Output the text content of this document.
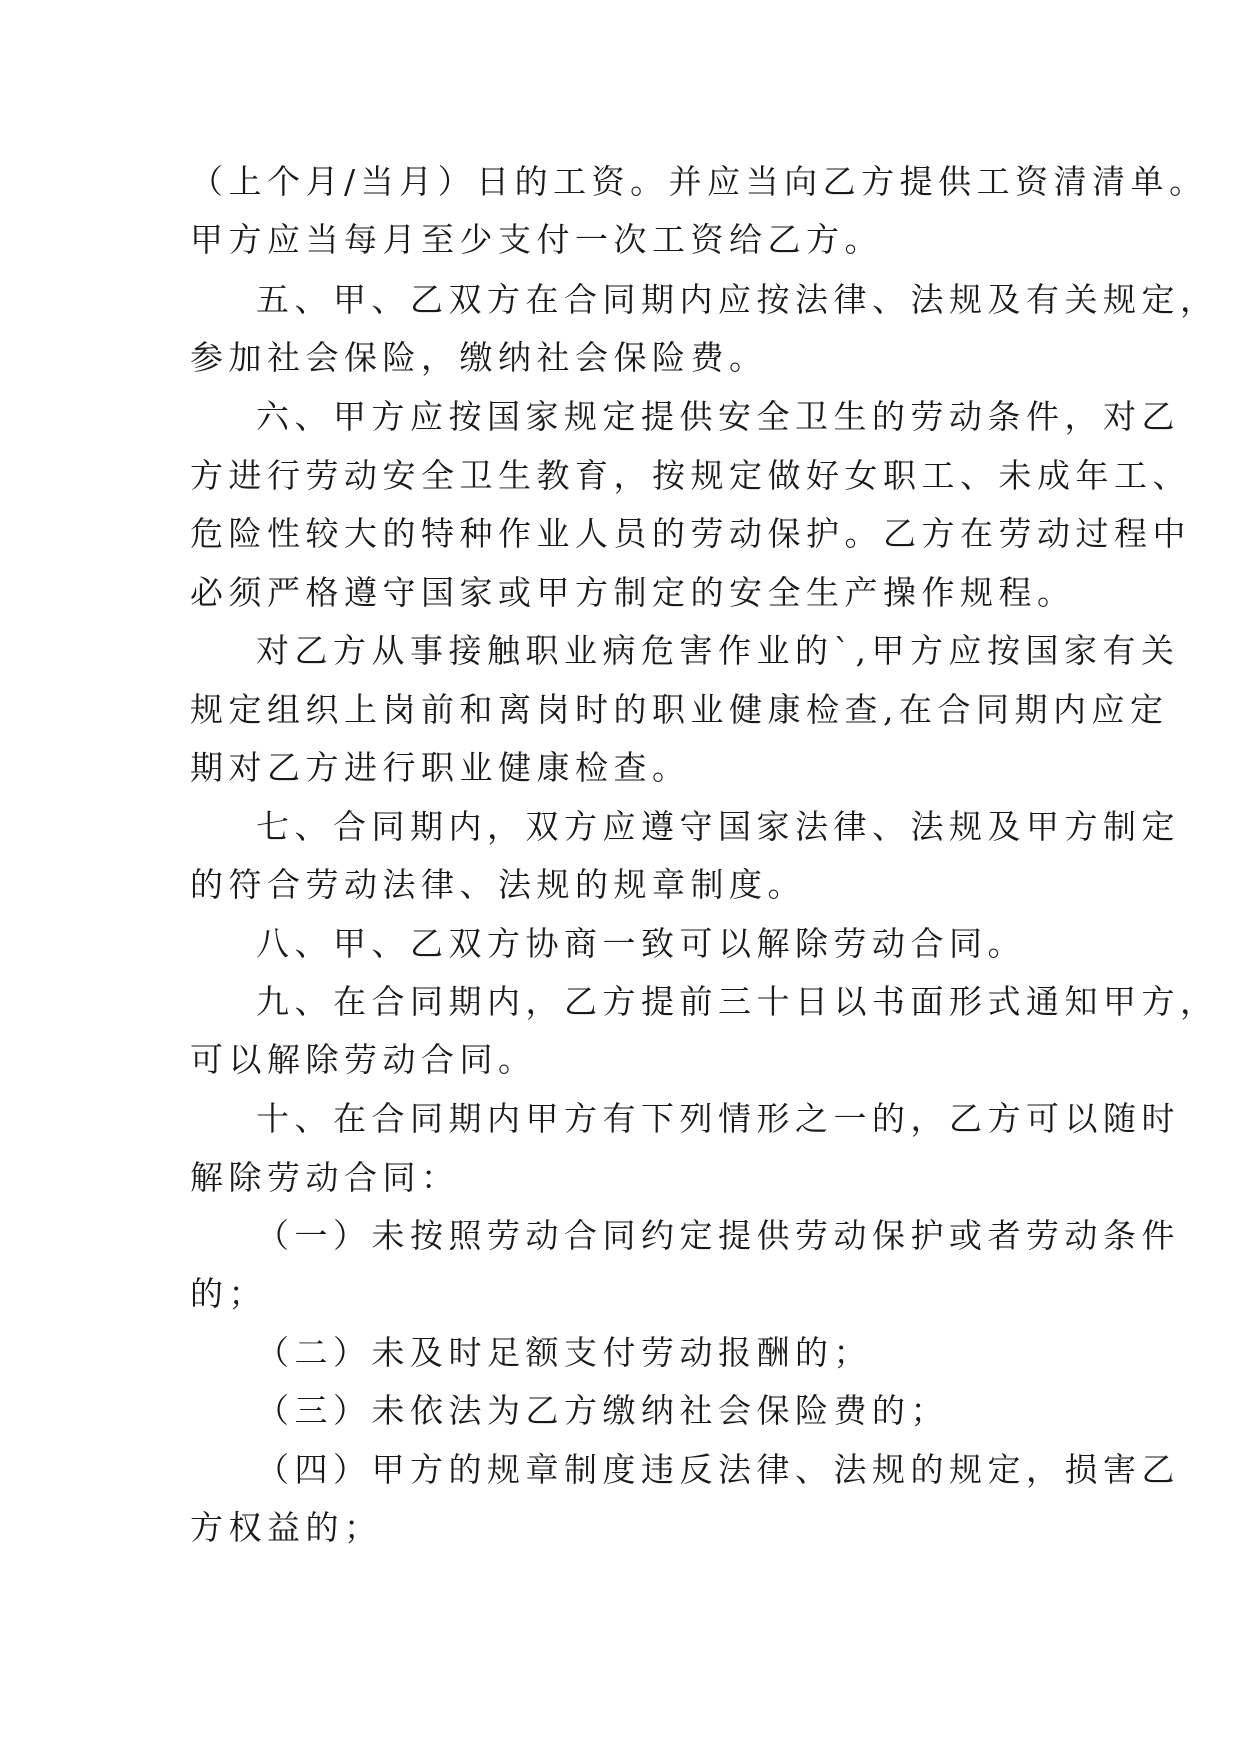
（上个月/当月）日的工资。并应当向乙方提供工资清清单。
甲方应当每月至少支付一次工资给乙方。
五、甲、乙双方在合同期内应按法律、法规及有关规定，
参加社会保险，缴纳社会保险费。
六、甲方应按国家规定提供安全卫生的劳动条件，对乙
方进行劳动安全卫生教育，按规定做好女职工、未成年工、
危险性较大的特种作业人员的劳动保护。乙方在劳动过程中
必须严格遵守国家或甲方制定的安全生产操作规程。
对乙方从事接触职业病危害作业的`,甲方应按国家有关
规定组织上岗前和离岗时的职业健康检查,在合同期内应定
期对乙方进行职业健康检查。
七、合同期内，双方应遵守国家法律、法规及甲方制定
的符合劳动法律、法规的规章制度。
八、甲、乙双方协商一致可以解除劳动合同。
九、在合同期内，乙方提前三十日以书面形式通知甲方，
可以解除劳动合同。
十、在合同期内甲方有下列情形之一的，乙方可以随时
解除劳动合同：
（一）未按照劳动合同约定提供劳动保护或者劳动条件
的；
（二）未及时足额支付劳动报酬的；
（三）未依法为乙方缴纳社会保险费的；
（四）甲方的规章制度违反法律、法规的规定，损害乙
方权益的；
